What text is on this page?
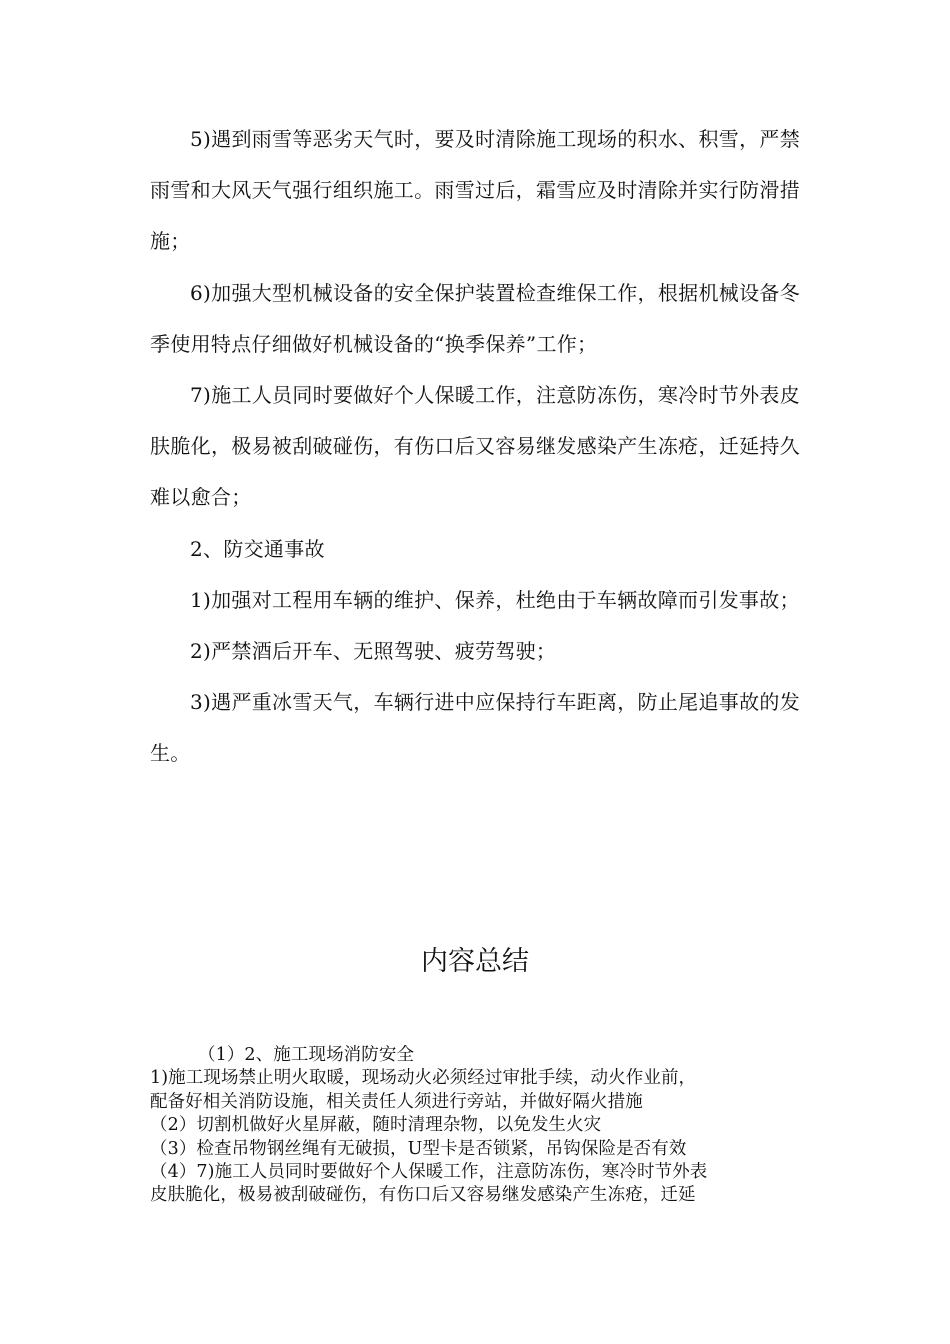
5)遇到雨雪等恶劣天气时，要及时清除施工现场的积水、积雪，严禁雨雪和大风天气强行组织施工。雨雪过后，霜雪应及时清除并实行防滑措施；

6)加强大型机械设备的安全保护装置检查维保工作，根据机械设备冬季使用特点仔细做好机械设备的“换季保养”工作；

7)施工人员同时要做好个人保暖工作，注意防冻伤，寒冷时节外表皮肤脆化，极易被刮破碰伤，有伤口后又容易继发感染产生冻疮，迁延持久难以愈合；

2、防交通事故

1)加强对工程用车辆的维护、保养，杜绝由于车辆故障而引发事故；

2)严禁酒后开车、无照驾驶、疲劳驾驶；

3)遇严重冰雪天气，车辆行进中应保持行车距离，防止尾追事故的发生。

内容总结

（1）2、施工现场消防安全

1)施工现场禁止明火取暖，现场动火必须经过审批手续，动火作业前，

配备好相关消防设施，相关责任人须进行旁站，并做好隔火措施

（2）切割机做好火星屏蔽，随时清理杂物，以免发生火灾

（3）检查吊物钢丝绳有无破损，U型卡是否锁紧，吊钩保险是否有效

（4）7)施工人员同时要做好个人保暖工作，注意防冻伤，寒冷时节外表

皮肤脆化，极易被刮破碰伤，有伤口后又容易继发感染产生冻疮，迁延
